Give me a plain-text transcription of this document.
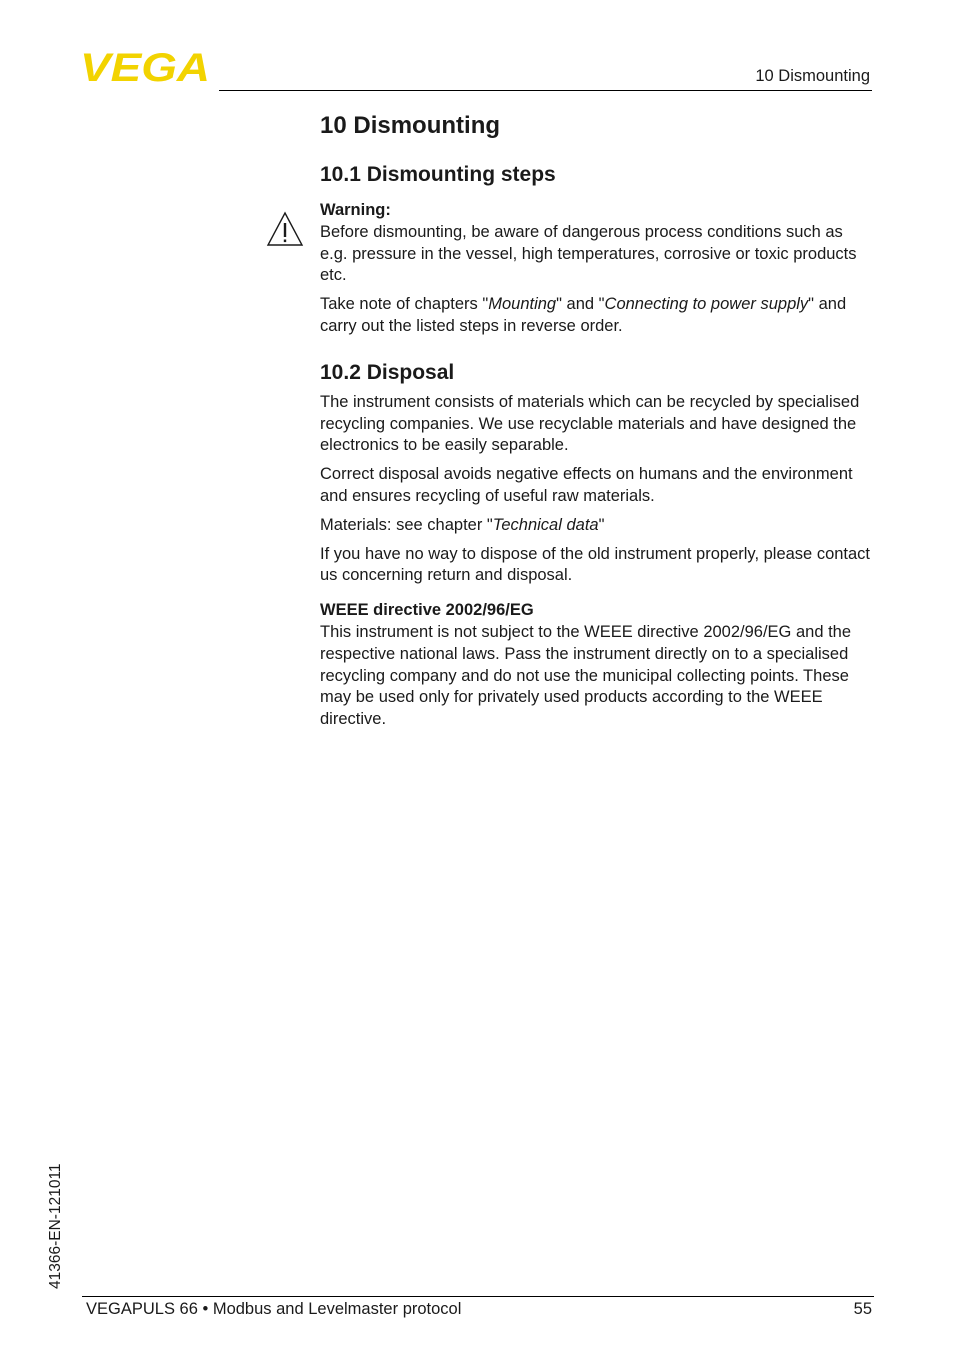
VEGA	10 Dismounting
10 Dismounting
10.1 Dismounting steps
Warning:

Before dismounting, be aware of dangerous process conditions such as e.g. pressure in the vessel, high temperatures, corrosive or toxic products etc.

Take note of chapters "Mounting" and "Connecting to power supply" and carry out the listed steps in reverse order.

10.2 Disposal

The instrument consists of materials which can be recycled by specialised recycling companies. We use recyclable materials and have designed the electronics to be easily separable.

Correct disposal avoids negative effects on humans and the environment and ensures recycling of useful raw materials.

Materials: see chapter "Technical data"

If you have no way to dispose of the old instrument properly, please contact us concerning return and disposal.

WEEE directive 2002/96/EG

This instrument is not subject to the WEEE directive 2002/96/EG and the respective national laws. Pass the instrument directly on to a specialised recycling company and do not use the municipal collecting points. These may be used only for privately used products according to the WEEE directive.

41366-EN-121011
VEGAPULS 66 • Modbus and Levelmaster protocol	55
